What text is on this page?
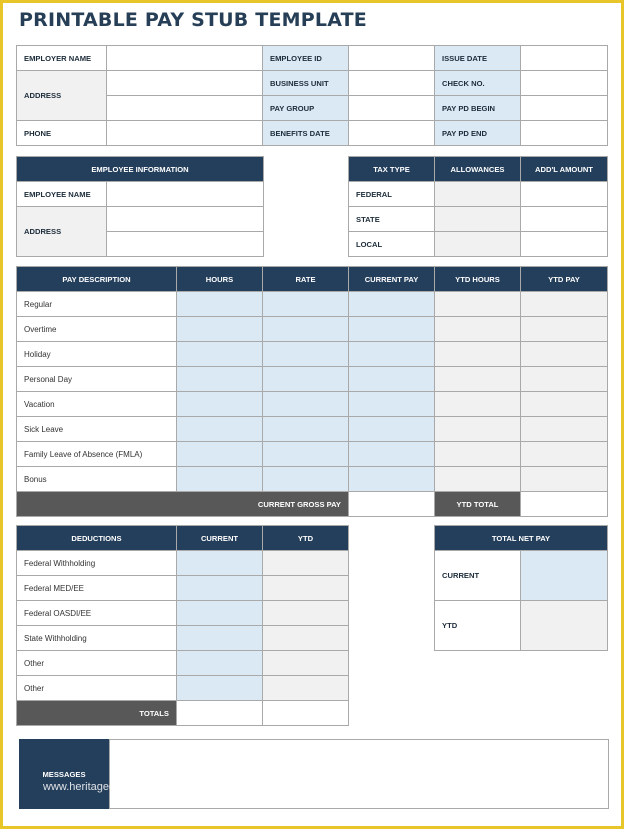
PRINTABLE PAY STUB TEMPLATE
EMPLOYER NAME		EMPLOYEE ID		ISSUE DATE	
ADDRESS		BUSINESS UNIT		CHECK NO.	
		PAY GROUP		PAY PD BEGIN	
PHONE		BENEFITS DATE		PAY PD END	
EMPLOYEE INFORMATION	
EMPLOYEE NAME	
ADDRESS	

TAX TYPE	ALLOWANCES	ADD'L AMOUNT
FEDERAL		
STATE		
LOCAL		
PAY DESCRIPTION	HOURS	RATE	CURRENT PAY	YTD HOURS	YTD PAY
Regular					
Overtime					
Holiday					
Personal Day					
Vacation					
Sick Leave					
Family Leave of Absence (FMLA)					
Bonus					
CURRENT GROSS PAY				YTD TOTAL	
DEDUCTIONS	CURRENT	YTD
Federal Withholding		
Federal MED/EE		
Federal OASDI/EE		
State Withholding		
Other		
Other		
TOTALS		
TOTAL NET PAY	
CURRENT	
YTD	
MESSAGES
www.heritagechristiancollege.com
